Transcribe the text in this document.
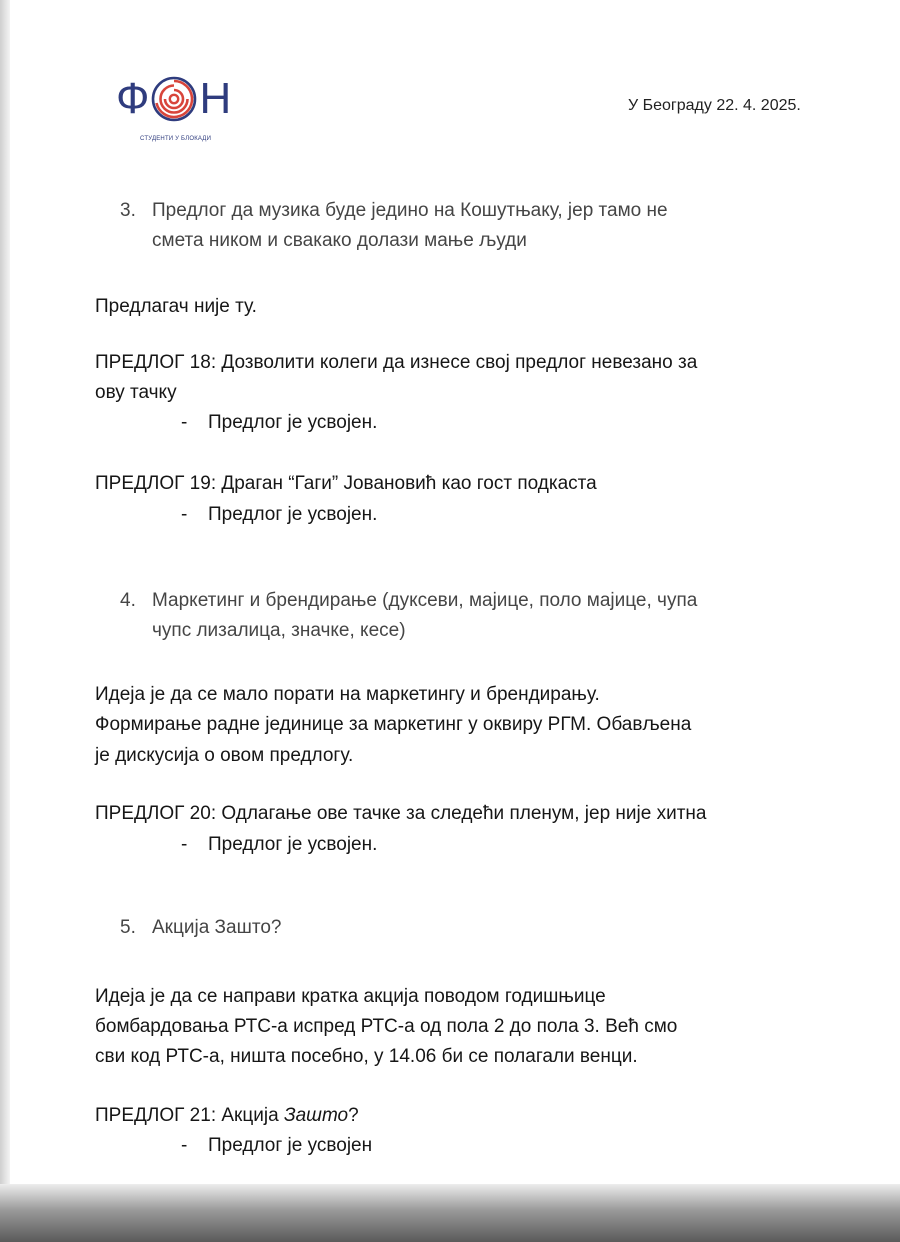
Ф Н
СТУДЕНТИ У БЛОКАДИ
У Београду 22. 4. 2025.
3. Предлог да музика буде једино на Кошутњаку, јер тамо не
смета ником и свакако долази мање људи
Предлагач није ту.
ПРЕДЛОГ 18: Дозволити колеги да изнесе свој предлог невезано за
ову тачку
- Предлог је усвојен.
ПРЕДЛОГ 19: Драган “Гаги” Јовановић као гост подкаста
- Предлог је усвојен.
4. Маркетинг и брендирање (дуксеви, мајице, поло мајице, чупа
чупс лизалица, значке, кесе)
Идеја је да се мало порати на маркетингу и брендирању.
Формирање радне јединице за маркетинг у оквиру РГМ. Обављена
је дискусија о овом предлогу.
ПРЕДЛОГ 20: Одлагање ове тачке за следећи пленум, јер није хитна
- Предлог је усвојен.
5. Акција Зашто?
Идеја је да се направи кратка акција поводом годишњице
бомбардовања РТС-а испред РТС-а од пола 2 до пола 3. Већ смо
сви код РТС-а, ништа посебно, у 14.06 би се полагали венци.
ПРЕДЛОГ 21: Акција Зашто?
- Предлог је усвојен
